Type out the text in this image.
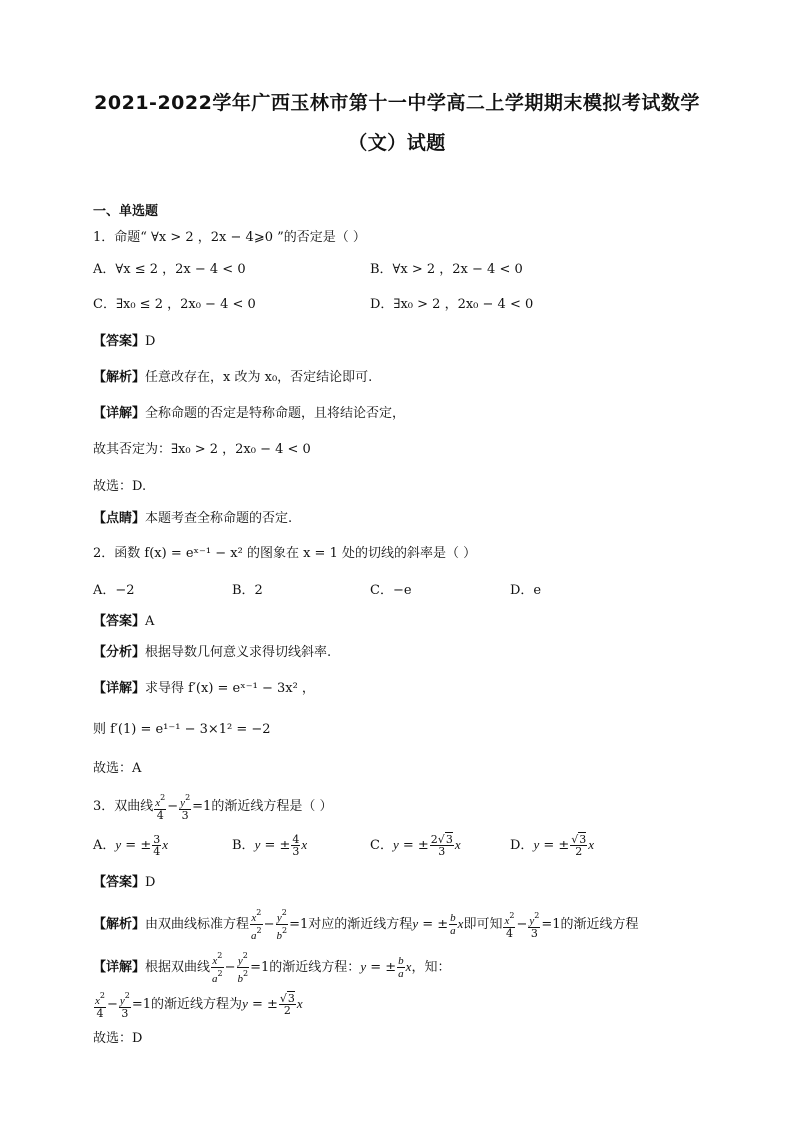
2021-2022学年广西玉林市第十一中学高二上学期期末模拟考试数学
（文）试题
一、单选题
1．命题“ ∀x > 2 ，2x − 4⩾0 ”的否定是（ ）
A．∀x ≤ 2 ，2x − 4 < 0	B．∀x > 2 ，2x − 4 < 0
C．∃x₀ ≤ 2 ，2x₀ − 4 < 0	D．∃x₀ > 2 ，2x₀ − 4 < 0
【答案】D
【解析】任意改存在，x 改为 x₀，否定结论即可.
【详解】全称命题的否定是特称命题，且将结论否定，
故其否定为：∃x₀ > 2 ，2x₀ − 4 < 0
故选：D.
【点睛】本题考查全称命题的否定.
2．函数 f(x) = eˣ⁻¹ − x² 的图象在 x = 1 处的切线的斜率是（ ）
A．−2	B．2	C．−e	D．e
【答案】A
【分析】根据导数几何意义求得切线斜率.
【详解】求导得 f′(x) = eˣ⁻¹ − 3x² ，
则 f′(1) = e¹⁻¹ − 3×1² = −2
故选：A
3．双曲线 $\frac{x^2}{4} - \frac{y^2}{3} =1$的渐近线方程是（ ）
A．y = ± $\frac{3}{4}$ x	B．y = ± $\frac{4}{3}$ x	C．y = ± $\frac{2√3}{3}$ x	D．y = ± $\frac{√3}{2}$ x
【答案】D
【解析】由双曲线标准方程 $\frac{x^2}{a^2} - \frac{y^2}{b^2} =1$对应的渐近线方程y = ± $\frac{b}{a}$ x即可知 $\frac{x^2}{4} - \frac{y^2}{3} =1$的渐近线方程
【详解】根据双曲线 $\frac{x^2}{a^2} - \frac{y^2}{b^2} =1$的渐近线方程：y = ± $\frac{b}{a}$ x，知：
$\frac{x^2}{4} - \frac{y^2}{3} =1$的渐近线方程为y = ± $\frac{√3}{2}$ x
故选：D
